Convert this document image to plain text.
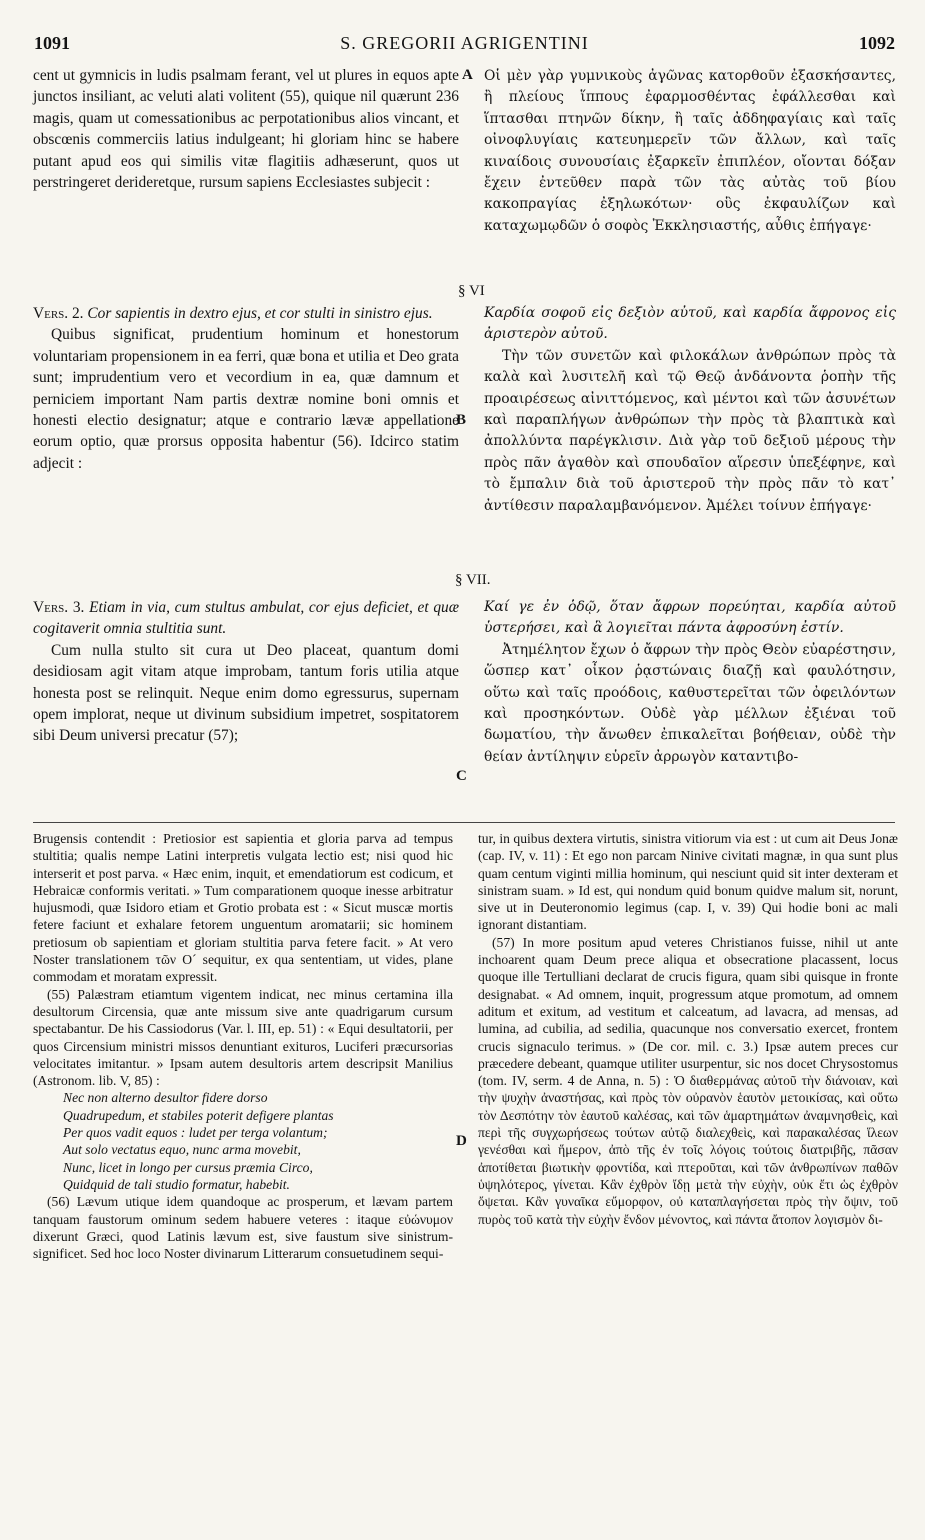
1091	S. GREGORII AGRIGENTINI	1092

cent ut gymnicis in ludis psalmam ferant, vel ut plures in equos apte junctos insiliant, ac veluti alati volitent (55), quique nil quærunt 236 magis, quam ut comessationibus ac perpotationibus alios vincant, et obscœnis commerciis latius indulgeant; hi gloriam hinc se habere putant apud eos qui similis vitæ flagitiis adhæserunt, quos ut perstringeret derideretque, rursum sapiens Ecclesiastes subjecit :

Οἱ μὲν γὰρ γυμνικοὺς ἀγῶνας κατορθοῦν ἐξασκήσαντες, ἢ πλείους ἵππους ἐφαρμοσθέντας ἐφάλλεσθαι καὶ ἵπτασθαι πτηνῶν δίκην, ἢ ταῖς ἀδδηφαγίαις καὶ ταῖς οἰνοφλυγίαις κατευημερεῖν τῶν ἄλλων, καὶ ταῖς κιναίδοις συνουσίαις ἐξαρκεῖν ἐπιπλέον, οἴονται δόξαν ἔχειν ἐντεῦθεν παρὰ τῶν τὰς αὐτὰς τοῦ βίου κακοπραγίας ἐξηλωκότων· οὓς ἐκφαυλίζων καὶ καταχωμῳδῶν ὁ σοφὸς Ἐκκλησιαστής, αὖθις ἐπήγαγε·

A
§ VI

Vers. 2. Cor sapientis in dextro ejus, et cor stulti in sinistro ejus.

Quibus significat, prudentium hominum et honestorum voluntariam propensionem in ea ferri, quæ bona et utilia et Deo grata sunt; imprudentium vero et vecordium in ea, quæ damnum et perniciem important Nam partis dextræ nomine boni omnis et honesti electio designatur; atque e contrario lævæ appellatione eorum optio, quæ prorsus opposita habentur (56). Idcirco statim adjecit :

Καρδία σοφοῦ εἰς δεξιὸν αὐτοῦ, καὶ καρδία ἄφρονος εἰς ἀριστερὸν αὐτοῦ.

Τὴν τῶν συνετῶν καὶ φιλοκάλων ἀνθρώπων πρὸς τὰ καλὰ καὶ λυσιτελῆ καὶ τῷ Θεῷ ἁνδάνοντα ῥοπὴν τῆς προαιρέσεως αἰνιττόμενος, καὶ μέντοι καὶ τῶν ἀσυνέτων καὶ παραπλήγων ἀνθρώπων τὴν πρὸς τὰ βλαπτικὰ καὶ ἀπολλύντα παρέγκλισιν. Διὰ γὰρ τοῦ δεξιοῦ μέρους τὴν πρὸς πᾶν ἀγαθὸν καὶ σπουδαῖον αἵρεσιν ὑπεξέφηνε, καὶ τὸ ἔμπαλιν διὰ τοῦ ἀριστεροῦ τὴν πρὸς πᾶν τὸ κατ᾽ ἀντίθεσιν παραλαμβανόμενον. Ἀμέλει τοίνυν ἐπήγαγε·

B
§ VII.

Vers. 3. Etiam in via, cum stultus ambulat, cor ejus deficiet, et quæ cogitaverit omnia stultitia sunt.

Cum nulla stulto sit cura ut Deo placeat, quantum domi desidiosam agit vitam atque improbam, tantum foris utilia atque honesta post se relinquit. Neque enim domo egressurus, supernam opem implorat, neque ut divinum subsidium impetret, sospitatorem sibi Deum universi precatur (57);

Καί γε ἐν ὁδῷ, ὅταν ἄφρων πορεύηται, καρδία αὐτοῦ ὑστερήσει, καὶ ἃ λογιεῖται πάντα ἀφροσύνη ἐστίν.

Ἀτημέλητον ἔχων ὁ ἄφρων τὴν πρὸς Θεὸν εὐαρέστησιν, ὥσπερ κατ᾽ οἶκον ῥᾳστώναις διαζῇ καὶ φαυλότησιν, οὕτω καὶ ταῖς προόδοις, καθυστερεῖται τῶν ὀφειλόντων καὶ προσηκόντων. Οὐδὲ γὰρ μέλλων ἐξιέναι τοῦ δωματίου, τὴν ἄνωθεν ἐπικαλεῖται βοήθειαν, οὐδὲ τὴν θείαν ἀντίληψιν εὑρεῖν ἀρρωγὸν καταντιβο-

C

Brugensis contendit : Pretiosior est sapientia et gloria parva ad tempus stultitia; qualis nempe Latini interpretis vulgata lectio est; nisi quod hic interserit et post parva. « Hæc enim, inquit, et emendatiorum est codicum, et Hebraicæ conformis veritati. » Tum comparationem quoque inesse arbitratur hujusmodi, quæ Isidoro etiam et Grotio probata est : « Sicut muscæ mortis fetere faciunt et exhalare fetorem unguentum aromatarii; sic hominem pretiosum ob sapientiam et gloriam stultitia parva fetere facit. » At vero Noster translationem τῶν Ο´ sequitur, ex qua sententiam, ut vides, plane commodam et moratam expressit.

(55) Palæstram etiamtum vigentem indicat, nec minus certamina illa desultorum Circensia, quæ ante missum sive ante quadrigarum cursum spectabantur. De his Cassiodorus (Var. l. III, ep. 51) : « Equi desultatorii, per quos Circensium ministri missos denuntiant exituros, Luciferi præcursorias velocitates imitantur. » Ipsam autem desultoris artem descripsit Manilius (Astronom. lib. V, 85) :

Nec non alterno desultor fidere dorso
Quadrupedum, et stabiles poterit defigere plantas
Per quos vadit equos : ludet per terga volantum;
Aut solo vectatus equo, nunc arma movebit,
Nunc, licet in longo per cursus præmia Circo,
Quidquid de tali studio formatur, habebit.

(56) Lævum utique idem quandoque ac prosperum, et lævam partem tanquam faustorum ominum sedem habuere veteres : itaque εὐώνυμον dixerunt Græci, quod Latinis lævum est, sive faustum sive sinistrum-significet. Sed hoc loco Noster divinarum Litterarum consuetudinem sequi-

D

tur, in quibus dextera virtutis, sinistra vitiorum via est : ut cum ait Deus Jonæ (cap. IV, v. 11) : Et ego non parcam Ninive civitati magnæ, in qua sunt plus quam centum viginti millia hominum, qui nesciunt quid sit inter dexteram et sinistram suam. » Id est, qui nondum quid bonum quidve malum sit, norunt, sive ut in Deuteronomio legimus (cap. I, v. 39) Qui hodie boni ac mali ignorant distantiam.

(57) In more positum apud veteres Christianos fuisse, nihil ut ante inchoarent quam Deum prece aliqua et obsecratione placassent, locus quoque ille Tertulliani declarat de crucis figura, quam sibi quisque in fronte designabat. « Ad omnem, inquit, progressum atque promotum, ad omnem aditum et exitum, ad vestitum et calceatum, ad lavacra, ad mensas, ad lumina, ad cubilia, ad sedilia, quacunque nos conversatio exercet, frontem crucis signaculo terimus. » (De cor. mil. c. 3.) Ipsæ autem preces cur præcedere debeant, quamque utiliter usurpentur, sic nos docet Chrysostomus (tom. IV, serm. 4 de Anna, n. 5) : Ὁ διαθερμάνας αὐτοῦ τὴν διάνοιαν, καὶ τὴν ψυχὴν ἀναστήσας, καὶ πρὸς τὸν οὐρανὸν ἑαυτὸν μετοικίσας, καὶ οὕτω τὸν Δεσπότην τὸν ἑαυτοῦ καλέσας, καὶ τῶν ἁμαρτημάτων ἀναμνησθεὶς, καὶ περὶ τῆς συγχωρήσεως τούτων αὐτῷ διαλεχθεὶς, καὶ παρακαλέσας ἵλεων γενέσθαι καὶ ἥμερον, ἀπὸ τῆς ἐν τοῖς λόγοις τούτοις διατριβῆς, πᾶσαν ἀποτίθεται βιωτικὴν φροντίδα, καὶ πτεροῦται, καὶ τῶν ἀνθρωπίνων παθῶν ὑψηλότερος, γίνεται. Κἂν ἐχθρὸν ἴδῃ μετὰ τὴν εὐχὴν, οὐκ ἔτι ὡς ἐχθρὸν ὄψεται. Κἂν γυναῖκα εὔμορφον, οὐ καταπλαγήσεται πρὸς τὴν ὄψιν, τοῦ πυρὸς τοῦ κατὰ τὴν εὐχὴν ἔνδον μένοντος, καὶ πάντα ἄτοπον λογισμὸν δι-
